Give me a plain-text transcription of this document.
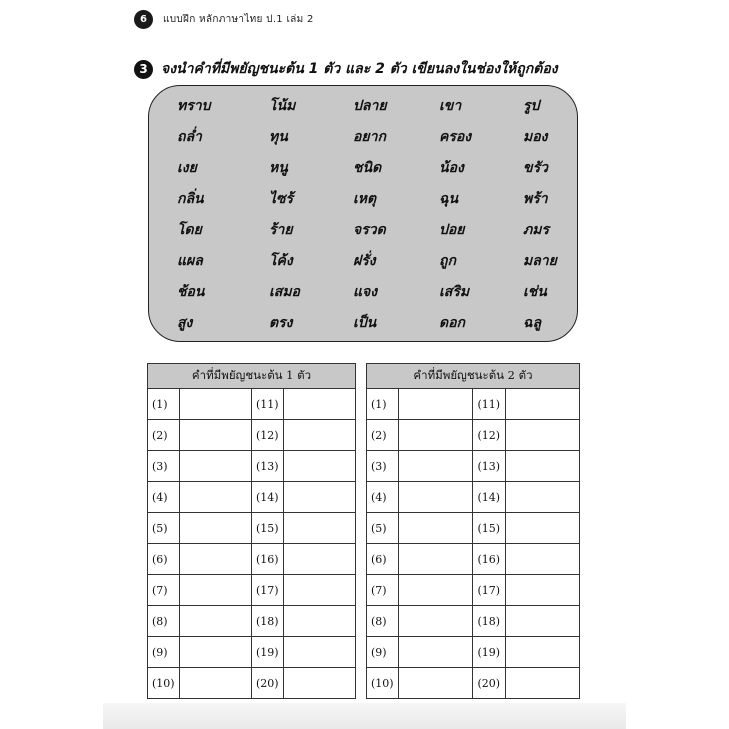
6	แบบฝึก หลักภาษาไทย ป.1 เล่ม 2
3 จงนำคำที่มีพยัญชนะต้น 1 ตัว และ 2 ตัว เขียนลงในช่องให้ถูกต้อง
ทราบ	โน้ม	ปลาย	เขา	รูป
ถล่ำ	ทุน	อยาก	ครอง	มอง
เงย	หนู	ชนิด	น้อง	ขรัว
กลิ่น	ไซร้	เหตุ	ฉุน	พร้า
โดย	ร้าย	จรวด	ปอย	ภมร
แผล	โค้ง	ฝรั่ง	ถูก	มลาย
ช้อน	เสมอ	แจง	เสริม	เช่น
สูง	ตรง	เป็น	ดอก	ฉลู
คำที่มีพยัญชนะต้น 1 ตัว			
(1)		(11)	
(2)		(12)	
(3)		(13)	
(4)		(14)	
(5)		(15)	
(6)		(16)	
(7)		(17)	
(8)		(18)	
(9)		(19)	
(10)		(20)	
คำที่มีพยัญชนะต้น 2 ตัว			
(1)		(11)	
(2)		(12)	
(3)		(13)	
(4)		(14)	
(5)		(15)	
(6)		(16)	
(7)		(17)	
(8)		(18)	
(9)		(19)	
(10)		(20)	
